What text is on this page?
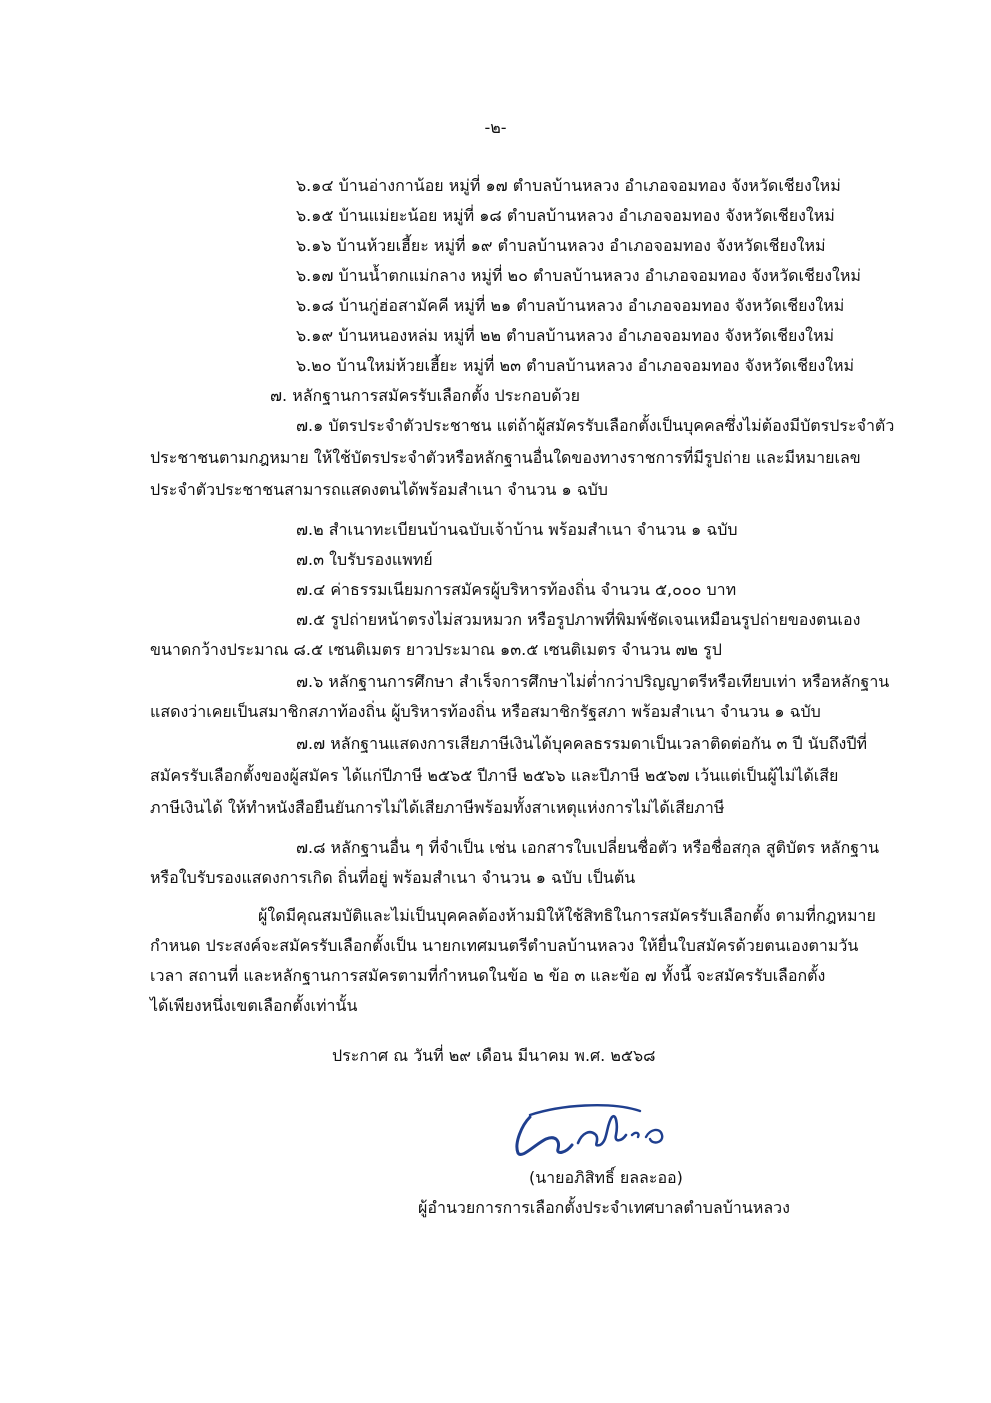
-๒-
๖.๑๔ บ้านอ่างกาน้อย หมู่ที่ ๑๗ ตำบลบ้านหลวง อำเภอจอมทอง จังหวัดเชียงใหม่
๖.๑๕ บ้านแม่ยะน้อย หมู่ที่ ๑๘ ตำบลบ้านหลวง อำเภอจอมทอง จังหวัดเชียงใหม่
๖.๑๖ บ้านห้วยเฮี้ยะ หมู่ที่ ๑๙ ตำบลบ้านหลวง อำเภอจอมทอง จังหวัดเชียงใหม่
๖.๑๗ บ้านน้ำตกแม่กลาง หมู่ที่ ๒๐ ตำบลบ้านหลวง อำเภอจอมทอง จังหวัดเชียงใหม่
๖.๑๘ บ้านกู่ฮ่อสามัคคี หมู่ที่ ๒๑ ตำบลบ้านหลวง อำเภอจอมทอง จังหวัดเชียงใหม่
๖.๑๙ บ้านหนองหล่ม หมู่ที่ ๒๒ ตำบลบ้านหลวง อำเภอจอมทอง จังหวัดเชียงใหม่
๖.๒๐ บ้านใหม่ห้วยเฮี้ยะ หมู่ที่ ๒๓ ตำบลบ้านหลวง อำเภอจอมทอง จังหวัดเชียงใหม่
๗. หลักฐานการสมัครรับเลือกตั้ง ประกอบด้วย
๗.๑ บัตรประจำตัวประชาชน แต่ถ้าผู้สมัครรับเลือกตั้งเป็นบุคคลซึ่งไม่ต้องมีบัตรประจำตัว
ประชาชนตามกฎหมาย ให้ใช้บัตรประจำตัวหรือหลักฐานอื่นใดของทางราชการที่มีรูปถ่าย และมีหมายเลข
ประจำตัวประชาชนสามารถแสดงตนได้พร้อมสำเนา จำนวน ๑ ฉบับ
๗.๒ สำเนาทะเบียนบ้านฉบับเจ้าบ้าน พร้อมสำเนา จำนวน ๑ ฉบับ
๗.๓ ใบรับรองแพทย์
๗.๔ ค่าธรรมเนียมการสมัครผู้บริหารท้องถิ่น จำนวน ๕,๐๐๐ บาท
๗.๕ รูปถ่ายหน้าตรงไม่สวมหมวก หรือรูปภาพที่พิมพ์ชัดเจนเหมือนรูปถ่ายของตนเอง
ขนาดกว้างประมาณ ๘.๕ เซนติเมตร ยาวประมาณ ๑๓.๕ เซนติเมตร จำนวน ๗๒ รูป
๗.๖ หลักฐานการศึกษา สำเร็จการศึกษาไม่ต่ำกว่าปริญญาตรีหรือเทียบเท่า หรือหลักฐาน
แสดงว่าเคยเป็นสมาชิกสภาท้องถิ่น ผู้บริหารท้องถิ่น หรือสมาชิกรัฐสภา พร้อมสำเนา จำนวน ๑ ฉบับ
๗.๗ หลักฐานแสดงการเสียภาษีเงินได้บุคคลธรรมดาเป็นเวลาติดต่อกัน ๓ ปี นับถึงปีที่
สมัครรับเลือกตั้งของผู้สมัคร ได้แก่ปีภาษี ๒๕๖๕ ปีภาษี ๒๕๖๖ และปีภาษี ๒๕๖๗ เว้นแต่เป็นผู้ไม่ได้เสีย
ภาษีเงินได้ ให้ทำหนังสือยืนยันการไม่ได้เสียภาษีพร้อมทั้งสาเหตุแห่งการไม่ได้เสียภาษี
๗.๘ หลักฐานอื่น ๆ ที่จำเป็น เช่น เอกสารใบเปลี่ยนชื่อตัว หรือชื่อสกุล สูติบัตร หลักฐาน
หรือใบรับรองแสดงการเกิด ถิ่นที่อยู่ พร้อมสำเนา จำนวน ๑ ฉบับ เป็นต้น
ผู้ใดมีคุณสมบัติและไม่เป็นบุคคลต้องห้ามมิให้ใช้สิทธิในการสมัครรับเลือกตั้ง ตามที่กฎหมาย
กำหนด ประสงค์จะสมัครรับเลือกตั้งเป็น นายกเทศมนตรีตำบลบ้านหลวง ให้ยื่นใบสมัครด้วยตนเองตามวัน
เวลา สถานที่ และหลักฐานการสมัครตามที่กำหนดในข้อ ๒ ข้อ ๓ และข้อ ๗ ทั้งนี้ จะสมัครรับเลือกตั้ง
ได้เพียงหนึ่งเขตเลือกตั้งเท่านั้น
ประกาศ ณ วันที่ ๒๙ เดือน มีนาคม พ.ศ. ๒๕๖๘
(นายอภิสิทธิ์ ยลละออ)
ผู้อำนวยการการเลือกตั้งประจำเทศบาลตำบลบ้านหลวง
